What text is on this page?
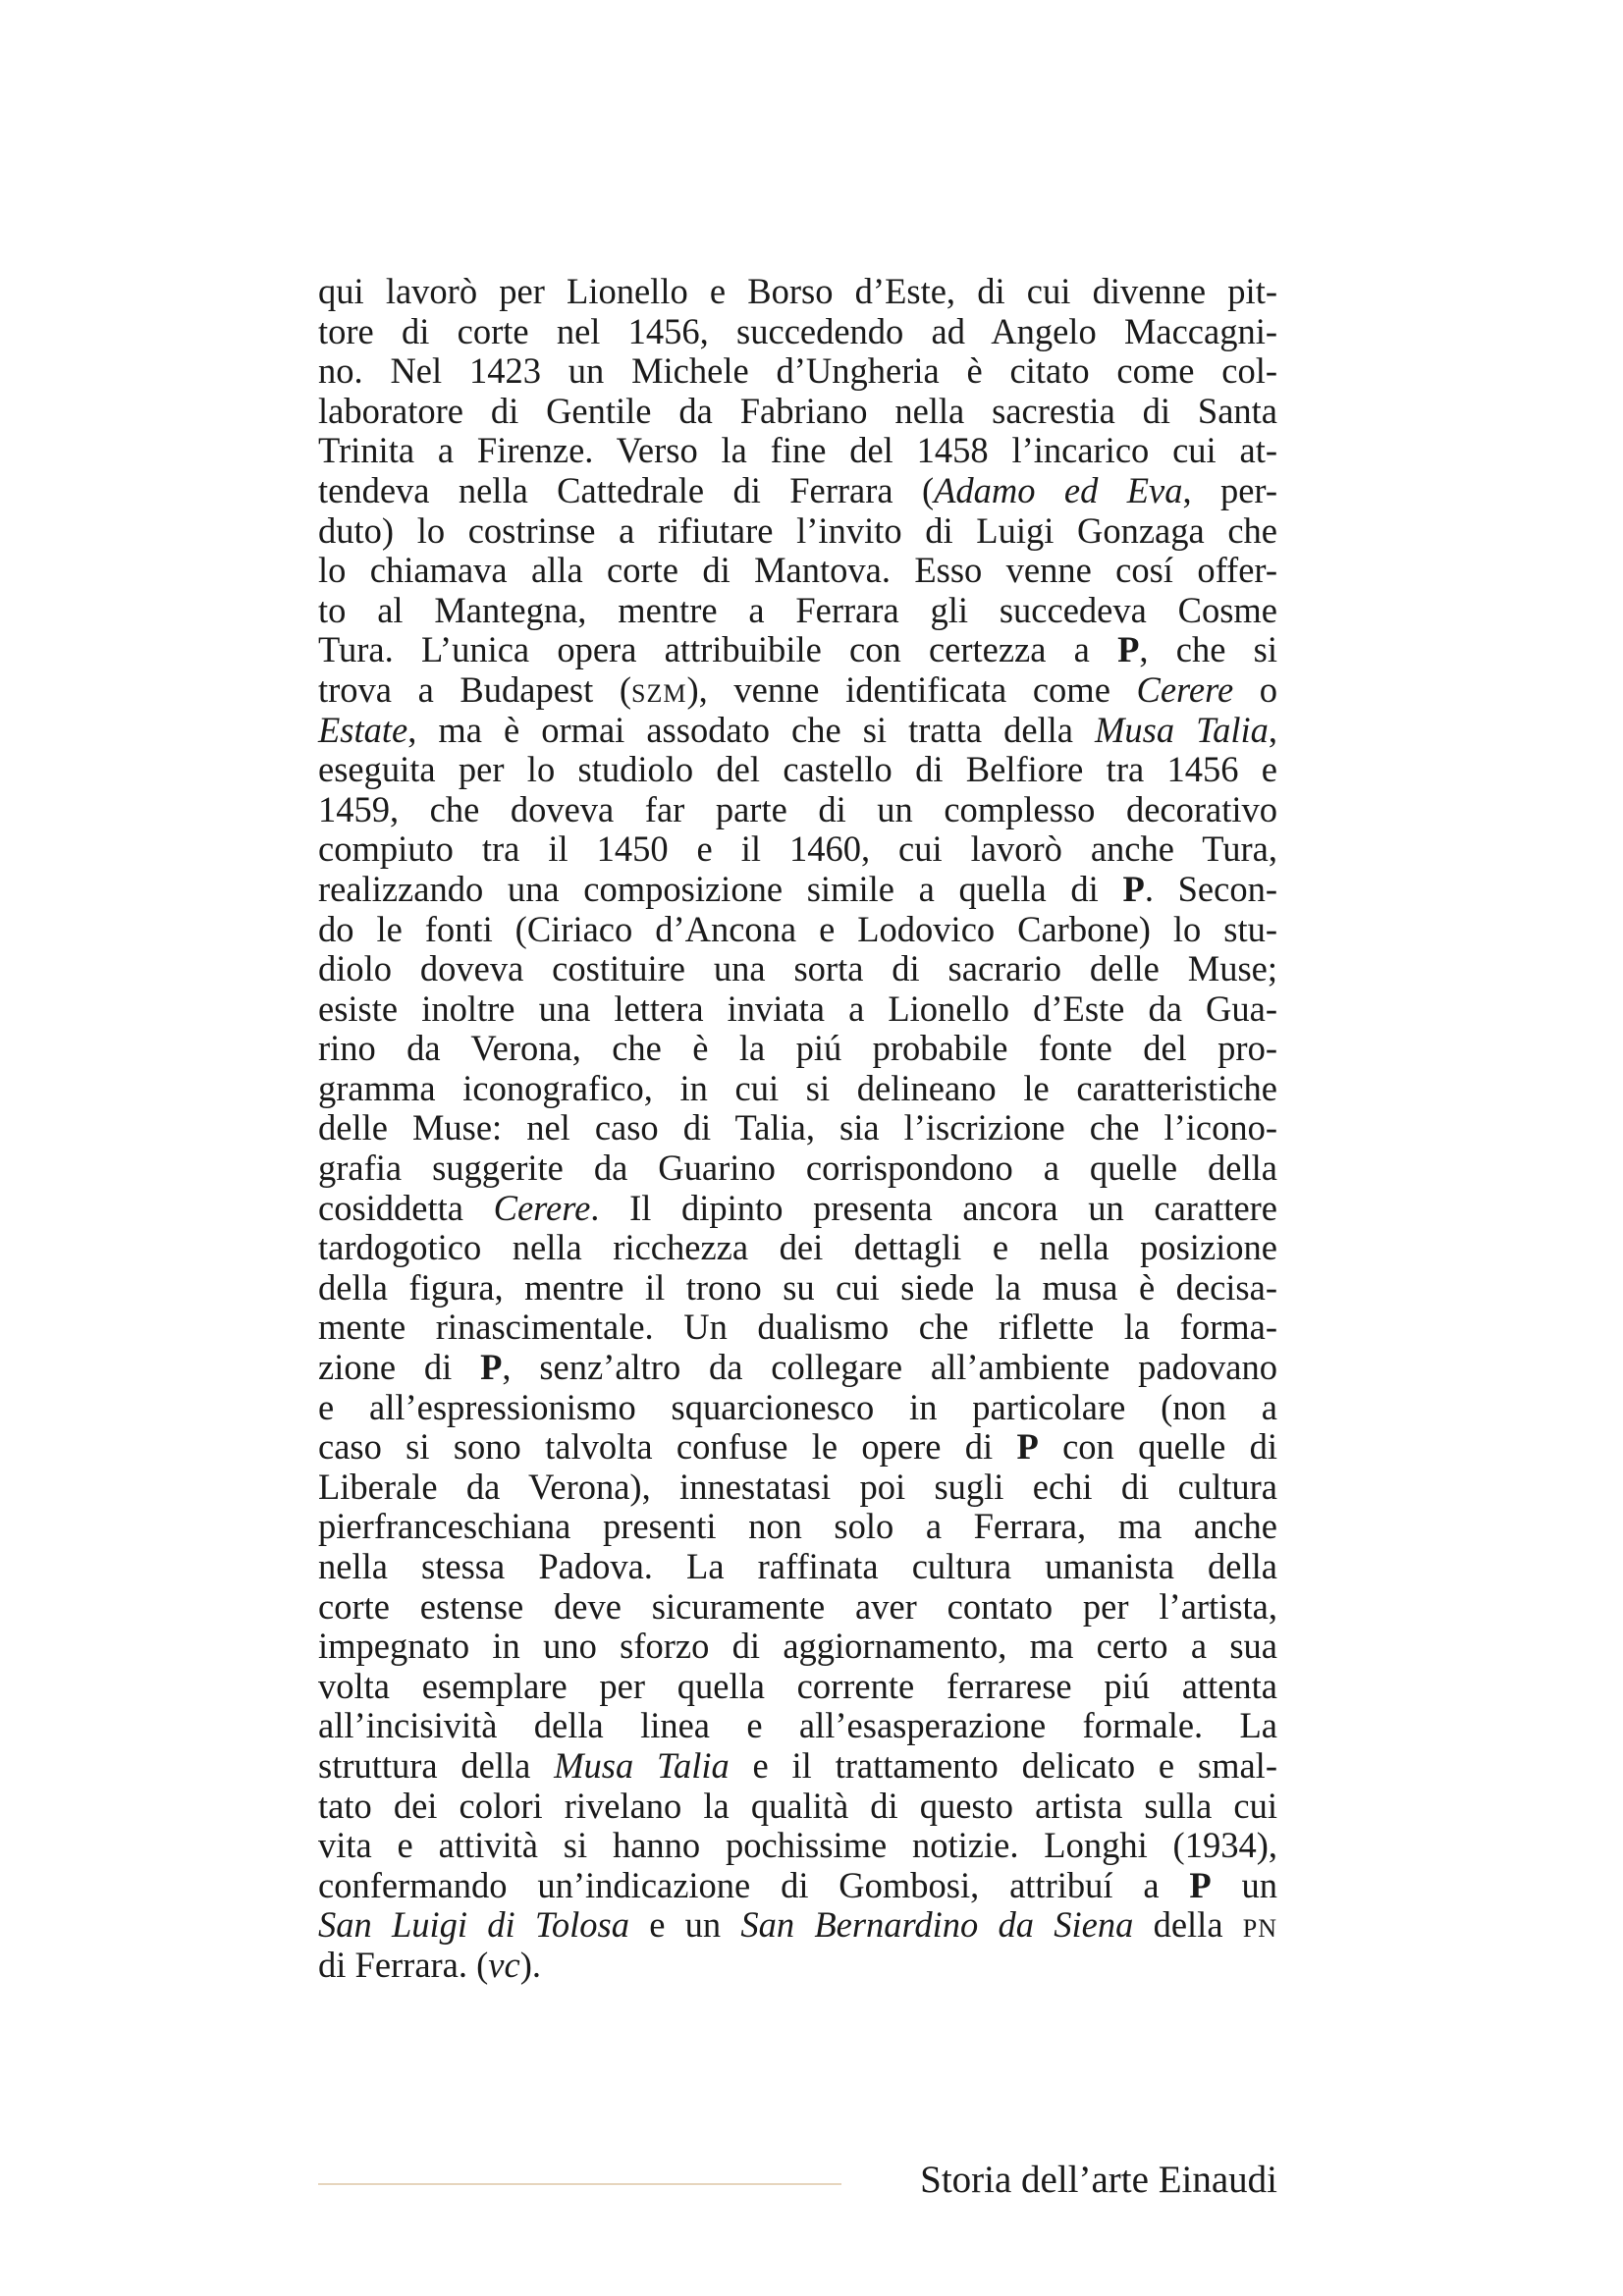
qui lavorò per Lionello e Borso d’Este, di cui divenne pit-
tore di corte nel 1456, succedendo ad Angelo Maccagni-
no. Nel 1423 un Michele d’Ungheria è citato come col-
laboratore di Gentile da Fabriano nella sacrestia di Santa
Trinita a Firenze. Verso la fine del 1458 l’incarico cui at-
tendeva nella Cattedrale di Ferrara (Adamo ed Eva, per-
duto) lo costrinse a rifiutare l’invito di Luigi Gonzaga che
lo chiamava alla corte di Mantova. Esso venne cosí offer-
to al Mantegna, mentre a Ferrara gli succedeva Cosme
Tura. L’unica opera attribuibile con certezza a P, che si
trova a Budapest (szm), venne identificata come Cerere o
Estate, ma è ormai assodato che si tratta della Musa Talia,
eseguita per lo studiolo del castello di Belfiore tra 1456 e
1459, che doveva far parte di un complesso decorativo
compiuto tra il 1450 e il 1460, cui lavorò anche Tura,
realizzando una composizione simile a quella di P. Secon-
do le fonti (Ciriaco d’Ancona e Lodovico Carbone) lo stu-
diolo doveva costituire una sorta di sacrario delle Muse;
esiste inoltre una lettera inviata a Lionello d’Este da Gua-
rino da Verona, che è la piú probabile fonte del pro-
gramma iconografico, in cui si delineano le caratteristiche
delle Muse: nel caso di Talia, sia l’iscrizione che l’icono-
grafia suggerite da Guarino corrispondono a quelle della
cosiddetta Cerere. Il dipinto presenta ancora un carattere
tardogotico nella ricchezza dei dettagli e nella posizione
della figura, mentre il trono su cui siede la musa è decisa-
mente rinascimentale. Un dualismo che riflette la forma-
zione di P, senz’altro da collegare all’ambiente padovano
e all’espressionismo squarcionesco in particolare (non a
caso si sono talvolta confuse le opere di P con quelle di
Liberale da Verona), innestatasi poi sugli echi di cultura
pierfranceschiana presenti non solo a Ferrara, ma anche
nella stessa Padova. La raffinata cultura umanista della
corte estense deve sicuramente aver contato per l’artista,
impegnato in uno sforzo di aggiornamento, ma certo a sua
volta esemplare per quella corrente ferrarese piú attenta
all’incisività della linea e all’esasperazione formale. La
struttura della Musa Talia e il trattamento delicato e smal-
tato dei colori rivelano la qualità di questo artista sulla cui
vita e attività si hanno pochissime notizie. Longhi (1934),
confermando un’indicazione di Gombosi, attribuí a P un
San Luigi di Tolosa e un San Bernardino da Siena della pn
di Ferrara. (vc).
Storia dell’arte Einaudi
